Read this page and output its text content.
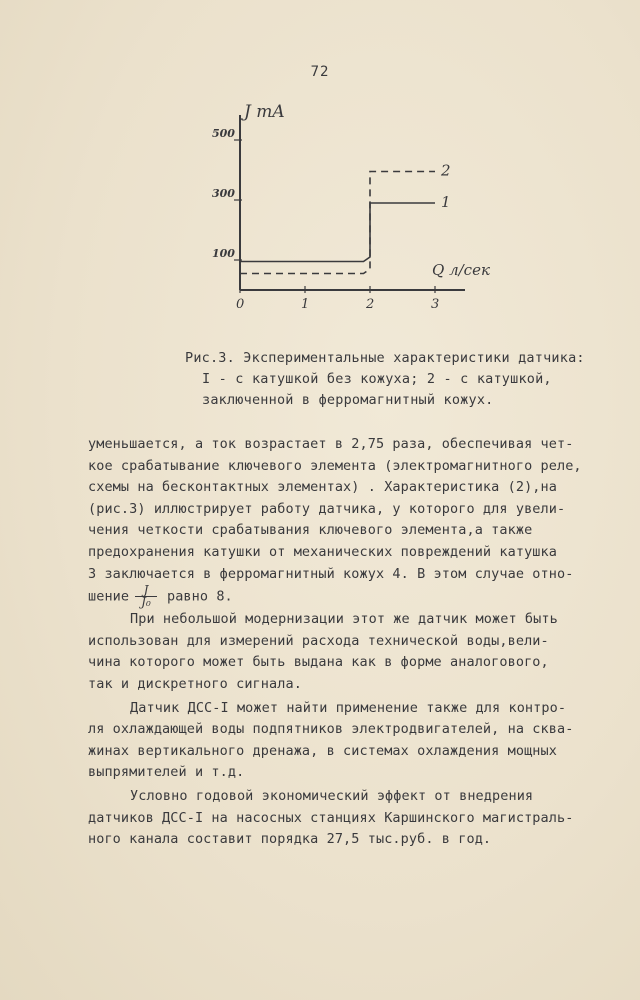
72
J mA
Q л/сек
0	1	2	3
100
300
500
1
2
Рис.3. Экспериментальные характеристики датчика:
I - с катушкой без кожуха; 2 - с катушкой,
заключенной в ферромагнитный кожух.
уменьшается, а ток возрастает в 2,75 раза, обеспечивая чет-
кое срабатывание ключевого элемента (электромагнитного реле,
схемы на бесконтактных элементах) . Характеристика (2),на
(рис.3) иллюстрирует работу датчика, у которого для увели-
чения четкости срабатывания ключевого элемента,а также
предохранения катушки от механических повреждений катушка
3 заключается в ферромагнитный кожух 4. В этом случае отно-
шение $\frac{J}{\text{J₀}}$ равно 8.
При небольшой модернизации этот же датчик может быть
использован для измерений расхода технической воды,вели-
чина которого может быть выдана как в форме аналогового,
так и дискретного сигнала.
Датчик ДСС-I может найти применение также для контро-
ля охлаждающей воды подпятников электродвигателей, на сква-
жинах вертикального дренажа, в системах охлаждения мощных
выпрямителей и т.д.
Условно годовой экономический эффект от внедрения
датчиков ДСС-I на насосных станциях Каршинского магистраль-
ного канала составит порядка 27,5 тыс.руб. в год.
